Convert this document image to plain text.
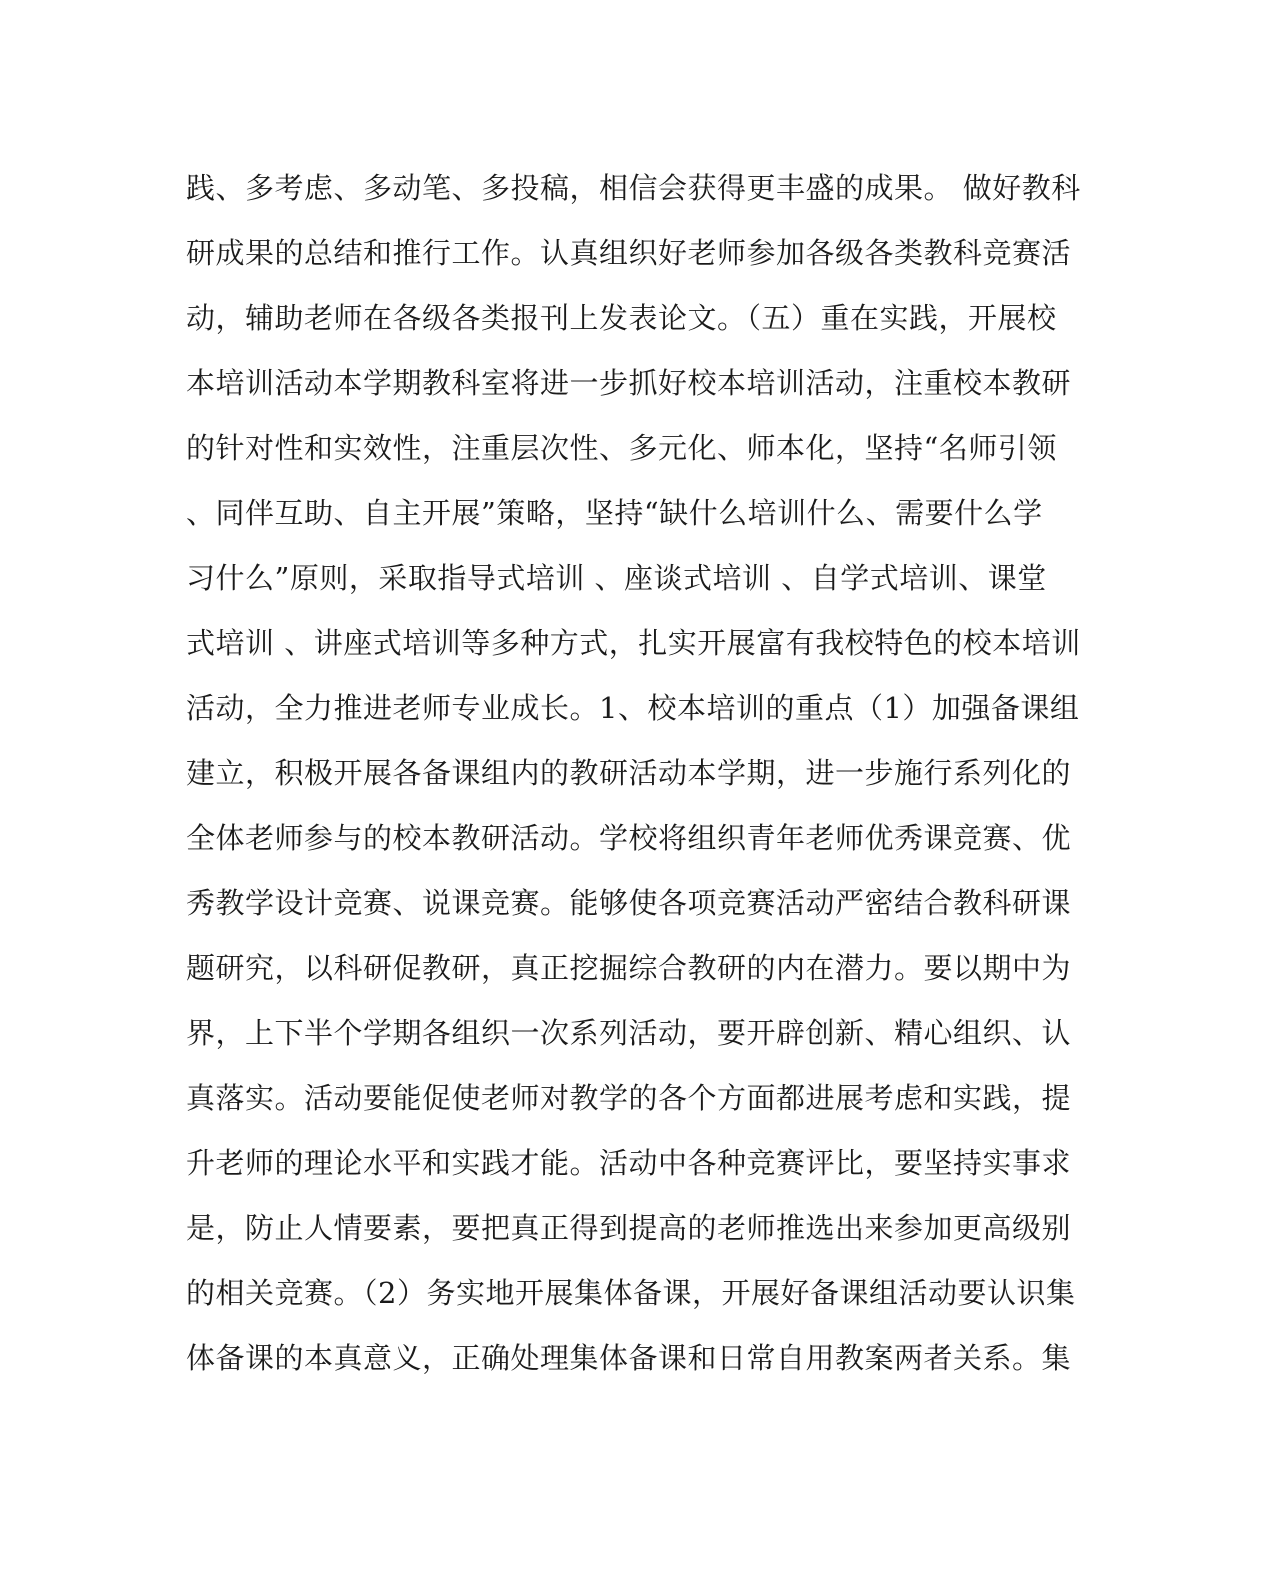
践、多考虑、多动笔、多投稿，相信会获得更丰盛的成果。 做好教科
研成果的总结和推行工作。认真组织好老师参加各级各类教科竞赛活
动，辅助老师在各级各类报刊上发表论文。（五）重在实践，开展校
本培训活动本学期教科室将进一步抓好校本培训活动，注重校本教研
的针对性和实效性，注重层次性、多元化、师本化，坚持“名师引领
、同伴互助、自主开展”策略，坚持“缺什么培训什么、需要什么学
习什么”原则，采取指导式培训 、座谈式培训 、自学式培训、课堂
式培训 、讲座式培训等多种方式，扎实开展富有我校特色的校本培训
活动，全力推进老师专业成长。1、校本培训的重点（1）加强备课组
建立，积极开展各备课组内的教研活动本学期，进一步施行系列化的
全体老师参与的校本教研活动。学校将组织青年老师优秀课竞赛、优
秀教学设计竞赛、说课竞赛。能够使各项竞赛活动严密结合教科研课
题研究，以科研促教研，真正挖掘综合教研的内在潜力。要以期中为
界，上下半个学期各组织一次系列活动，要开辟创新、精心组织、认
真落实。活动要能促使老师对教学的各个方面都进展考虑和实践，提
升老师的理论水平和实践才能。活动中各种竞赛评比，要坚持实事求
是，防止人情要素，要把真正得到提高的老师推选出来参加更高级别
的相关竞赛。（2）务实地开展集体备课，开展好备课组活动要认识集
体备课的本真意义，正确处理集体备课和日常自用教案两者关系。集
